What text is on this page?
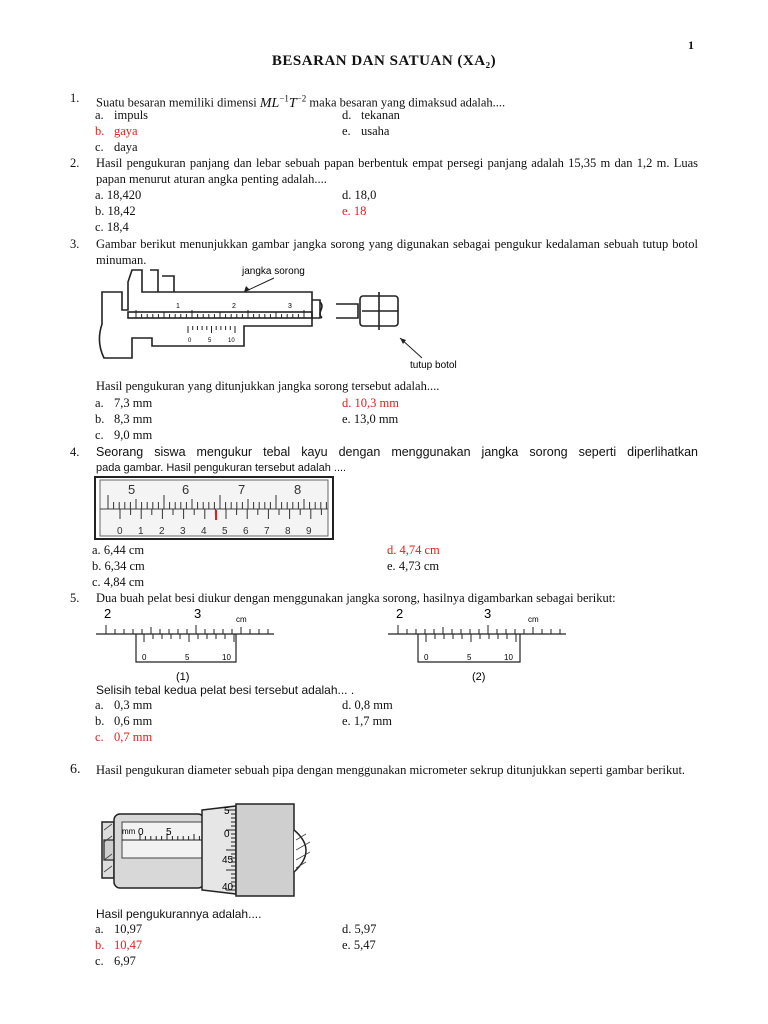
1
BESARAN DAN SATUAN (XA₂)
1. Suatu besaran memiliki dimensi $ML^{-1}T^{-2}$ maka besaran yang dimaksud adalah....
a. impuls
b. gaya
c. daya
d. tekanan
e. usaha
2. Hasil pengukuran panjang dan lebar sebuah papan berbentuk empat persegi panjang adalah 15,35 m dan 1,2 m. Luas papan menurut aturan angka penting adalah....
a. 18,420
b. 18,42
c. 18,4
d. 18,0
e. 18
3. Gambar berikut menunjukkan gambar jangka sorong yang digunakan sebagai pengukur kedalaman sebuah tutup botol minuman.
1	2	3
0	5	10
jangka sorong
tutup botol
Hasil pengukuran yang ditunjukkan jangka sorong tersebut adalah....
a. 7,3 mm
b. 8,3 mm
c. 9,0 mm
d. 10,3 mm
e. 13,0 mm
4. Seorang siswa mengukur tebal kayu dengan menggunakan jangka sorong seperti diperlihatkan
pada gambar. Hasil pengukuran tersebut adalah ....
5	6	7	8
0 1 2 3 4 5 6 7 8 9
a. 6,44 cm
b. 6,34 cm
c. 4,84 cm
d. 4,74 cm
e. 4,73 cm
5. Dua buah pelat besi diukur dengan menggunakan jangka sorong, hasilnya digambarkan sebagai berikut:
2	3	cm
0	5	10
(1)
2	3	cm
0	5	10
(2)
Selisih tebal kedua pelat besi tersebut adalah... .
a. 0,3 mm
b. 0,6 mm
c. 0,7 mm
d. 0,8 mm
e. 1,7 mm
6. Hasil pengukuran diameter sebuah pipa dengan menggunakan micrometer sekrup ditunjukkan seperti gambar berikut.
mm 0 5
5
0
45
40
Hasil pengukurannya adalah....
a. 10,97
b. 10,47
c. 6,97
d. 5,97
e. 5,47
